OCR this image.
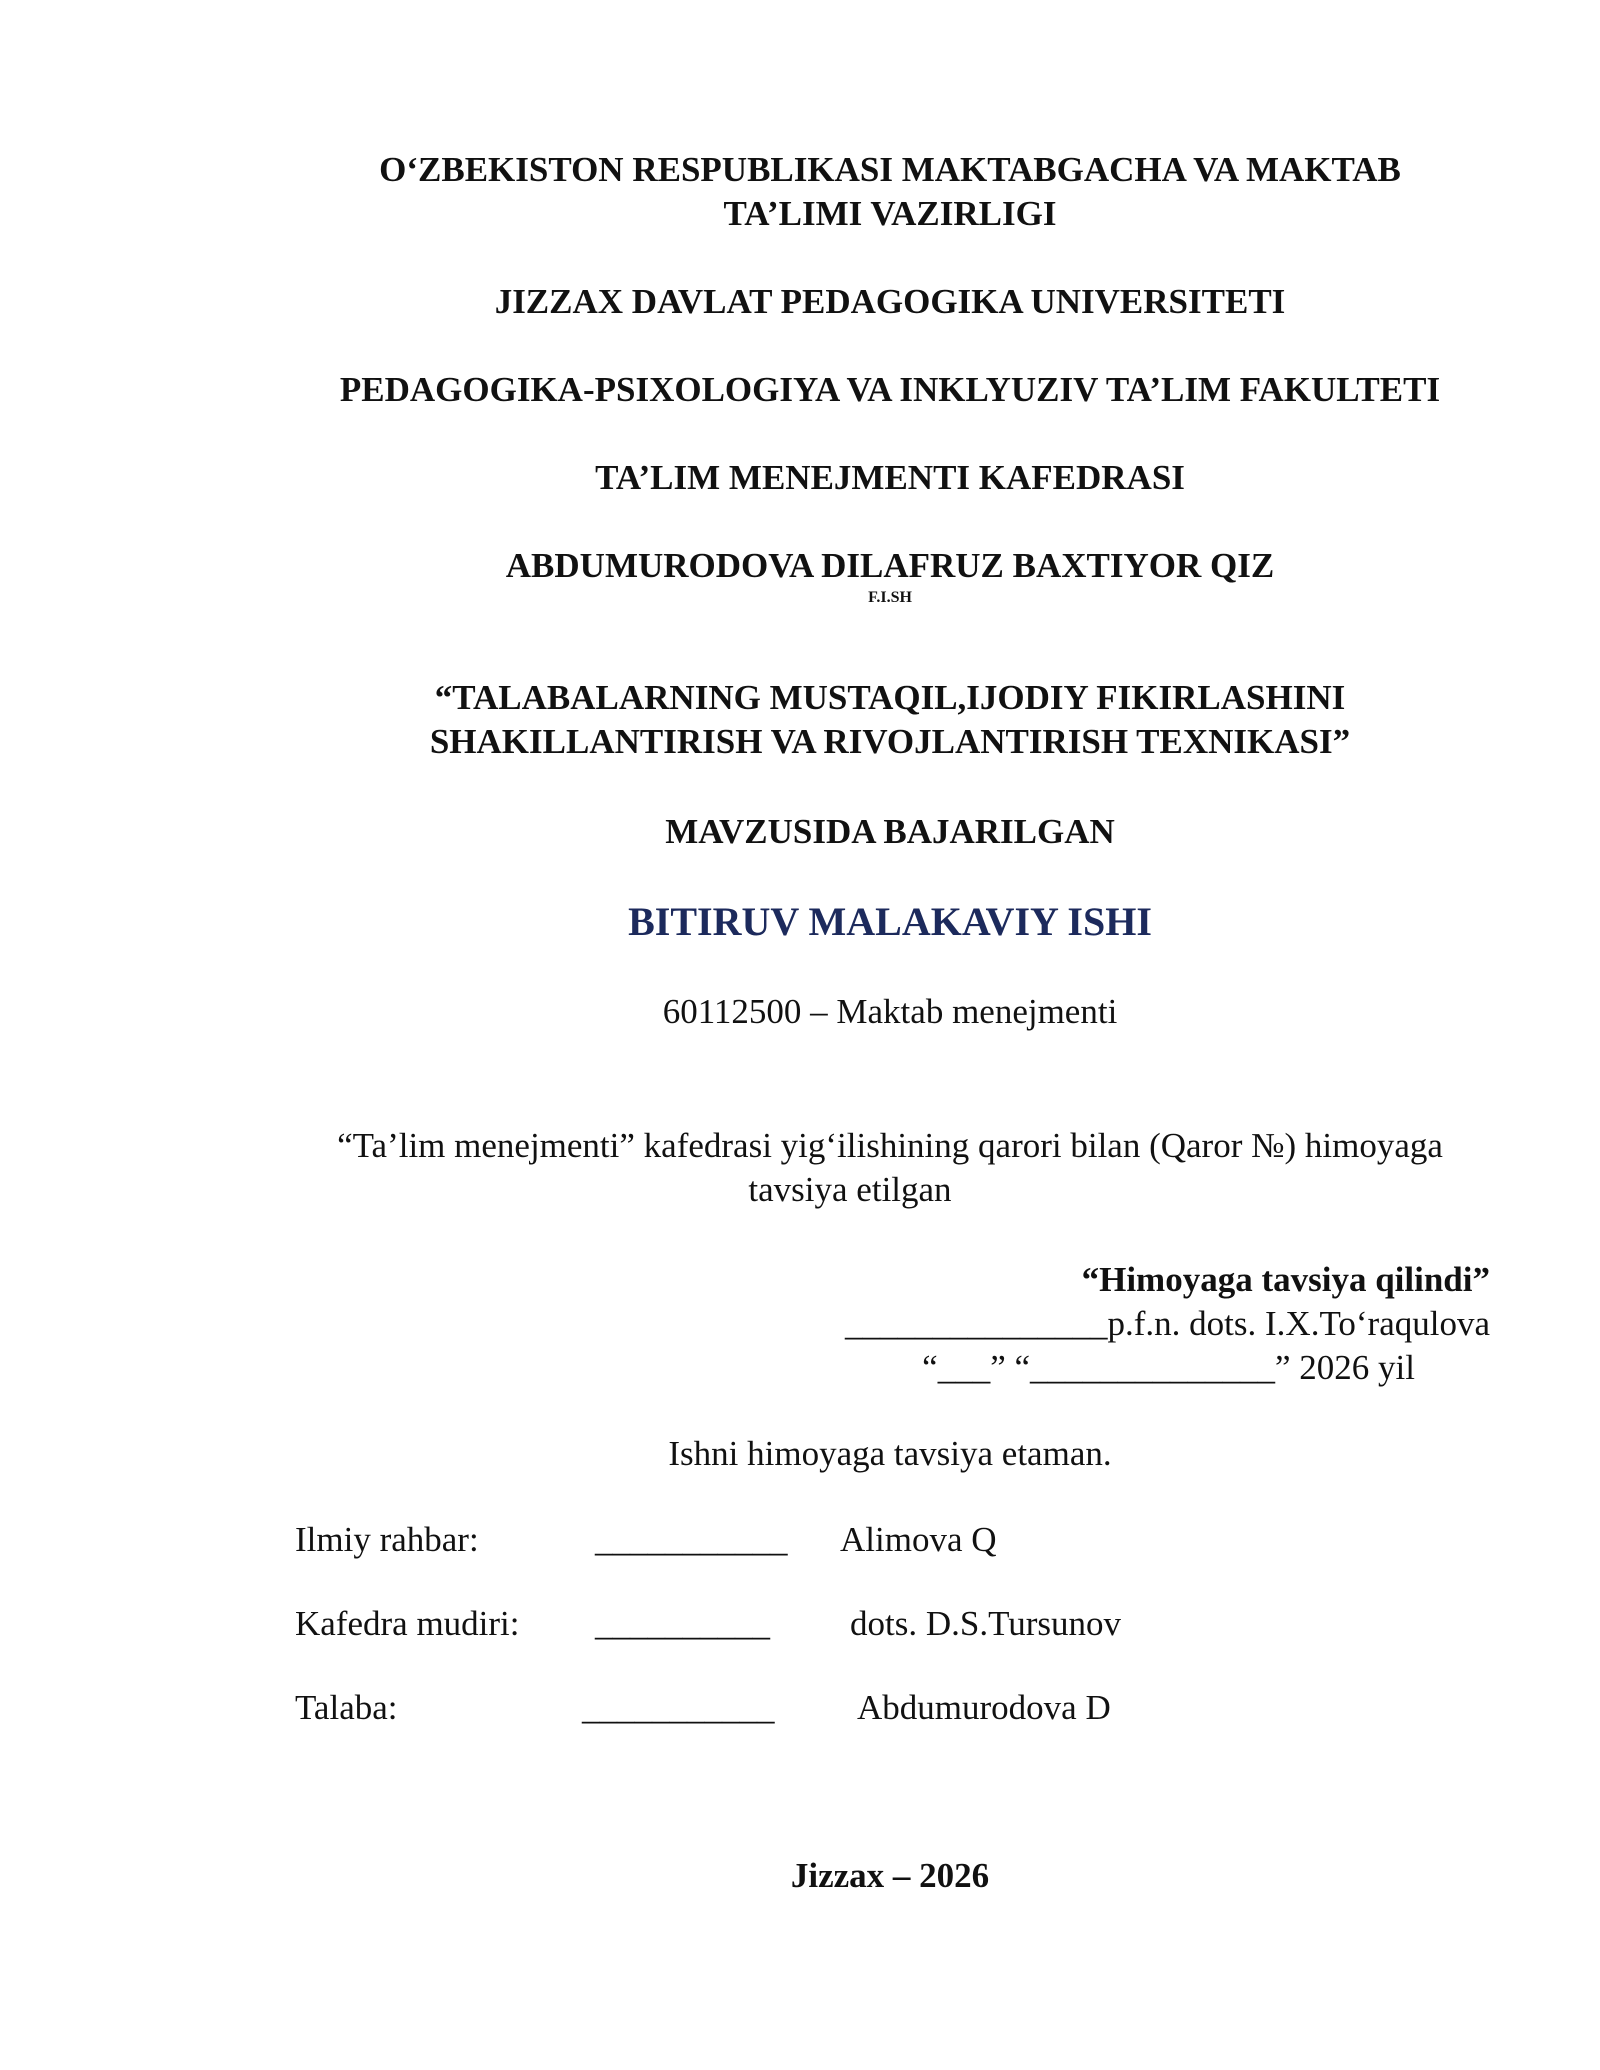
O‘ZBEKISTON RESPUBLIKASI MAKTABGACHA VA MAKTAB
TA’LIMI VAZIRLIGI
JIZZAX DAVLAT PEDAGOGIKA UNIVERSITETI
PEDAGOGIKA-PSIXOLOGIYA VA INKLYUZIV TA’LIM FAKULTETI
TA’LIM MENEJMENTI KAFEDRASI
ABDUMURODOVA DILAFRUZ BAXTIYOR QIZ
F.I.SH
“TALABALARNING MUSTAQIL,IJODIY FIKIRLASHINI
SHAKILLANTIRISH VA RIVOJLANTIRISH TEXNIKASI”
MAVZUSIDA BAJARILGAN
BITIRUV MALAKAVIY ISHI
60112500 – Maktab menejmenti
“Ta’lim menejmenti” kafedrasi yig‘ilishining qarori bilan (Qaror №) himoyaga
tavsiya etilgan
“Himoyaga tavsiya qilindi”
_______________p.f.n. dots. I.X.To‘raqulova
“___” “______________” 2026 yil
Ishni himoyaga tavsiya etaman.
Ilmiy rahbar:	___________ Alimova Q
Kafedra mudiri: __________ dots. D.S.Tursunov
Talaba:	___________ Abdumurodova D
Jizzax – 2026
